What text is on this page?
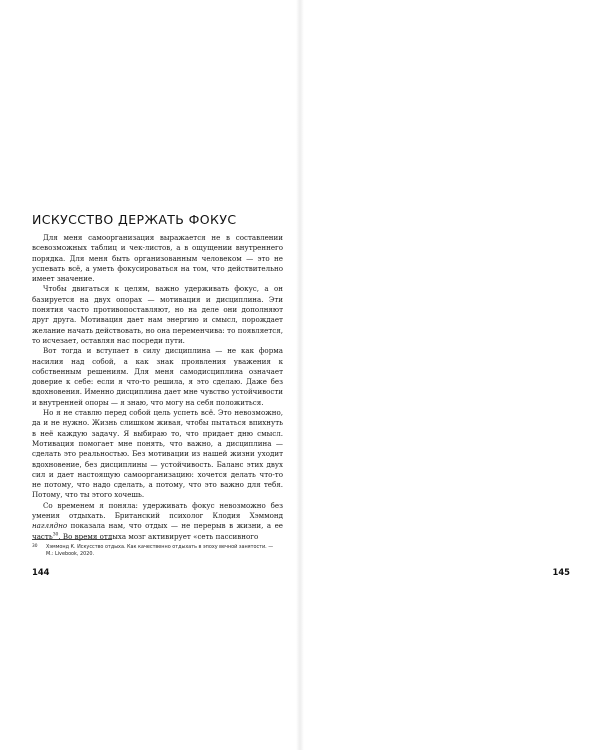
ИСКУССТВО ДЕРЖАТЬ ФОКУС

Для меня самоорганизация выражается не в составлении всевозможных таблиц и чек-листов, а в ощущении внутреннего порядка. Для меня быть организованным человеком — это не успевать всё, а уметь фокусироваться на том, что действительно имеет значение.

Чтобы двигаться к целям, важно удерживать фокус, а он базируется на двух опорах — мотивация и дисциплина. Эти понятия часто противопоставляют, но на деле они дополняют друг друга. Мотивация дает нам энергию и смысл, порождает желание начать действовать, но она переменчива: то появляется, то исчезает, оставляя нас посреди пути.

Вот тогда и вступает в силу дисциплина — не как форма насилия над собой, а как знак проявления уважения к собственным решениям. Для меня самодисциплина означает доверие к себе: если я что-то решила, я это сделаю. Даже без вдохновения. Именно дисциплина дает мне чувство устойчивости и внутренней опоры — я знаю, что могу на себя положиться.

Но я не ставлю перед собой цель успеть всё. Это невозможно, да и не нужно. Жизнь слишком живая, чтобы пытаться впихнуть в неё каждую задачу. Я выбираю то, что придает дню смысл. Мотивация помогает мне понять, что важно, а дисциплина — сделать это реальностью. Без мотивации из нашей жизни уходит вдохновение, без дисциплины — устойчивость. Баланс этих двух сил и дает настоящую самоорганизацию: хочется делать что-то не потому, что надо сделать, а потому, что это важно для тебя. Потому, что ты этого хочешь.

Со временем я поняла: удерживать фокус невозможно без умения отдыхать. Британский психолог Клодия Хэммонд наглядно показала нам, что отдых — не перерыв в жизни, а ее часть$^{30}$. Во время отдыха мозг активирует «сеть пассивного

30	Хэммонд К. Искусство отдыха. Как качественно отдыхать в эпоху вечной занятости. — М.: Livebook, 2020.
144	145
